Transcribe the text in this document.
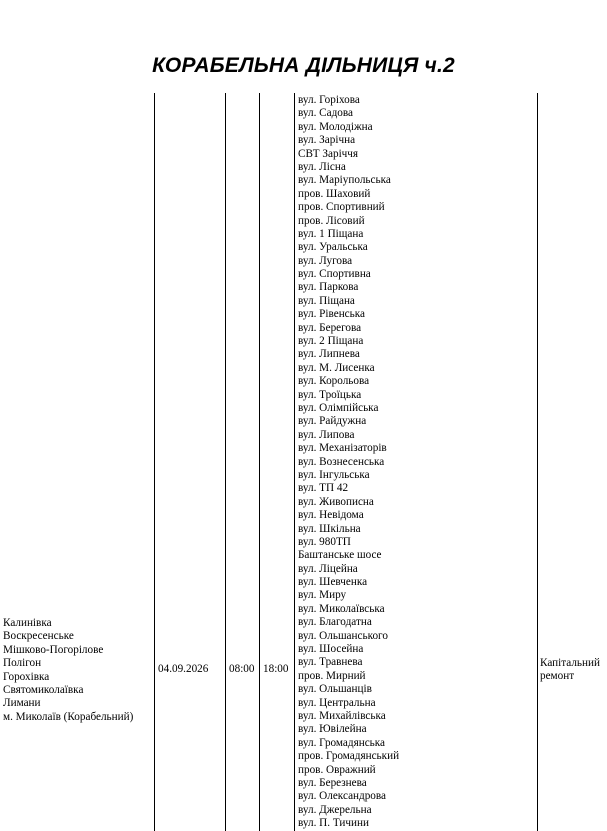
КОРАБЕЛЬНА ДІЛЬНИЦЯ ч.2
Калинівка
Воскресенське
Мішково-Погорілове
Полігон
Горохівка
Святомиколаївка
Лимани
м. Миколаїв (Корабельний)
04.09.2026 08:00 18:00
вул. Горіхова
вул. Садова
вул. Молодіжна
вул. Зарічна
СВТ Заріччя
вул. Лісна
вул. Маріупольська
пров. Шаховий
пров. Спортивний
пров. Лісовий
вул. 1 Піщана
вул. Уральська
вул. Лугова
вул. Спортивна
вул. Паркова
вул. Піщана
вул. Рівенська
вул. Берегова
вул. 2 Піщана
вул. Липнева
вул. М. Лисенка
вул. Корольова
вул. Троїцька
вул. Олімпійська
вул. Райдужна
вул. Липова
вул. Механізаторів
вул. Вознесенська
вул. Інгульська
вул. ТП 42
вул. Живописна
вул. Невідома
вул. Шкільна
вул. 980ТП
Баштанське шосе
вул. Ліцейна
вул. Шевченка
вул. Миру
вул. Миколаївська
вул. Благодатна
вул. Ольшанського
вул. Шосейна
вул. Травнева
пров. Мирний
вул. Ольшанців
вул. Центральна
вул. Михайлівська
вул. Ювілейна
вул. Громадянська
пров. Громадянський
пров. Овражний
вул. Березнева
вул. Олександрова
вул. Джерельна
вул. П. Тичини
Капітальний
ремонт
